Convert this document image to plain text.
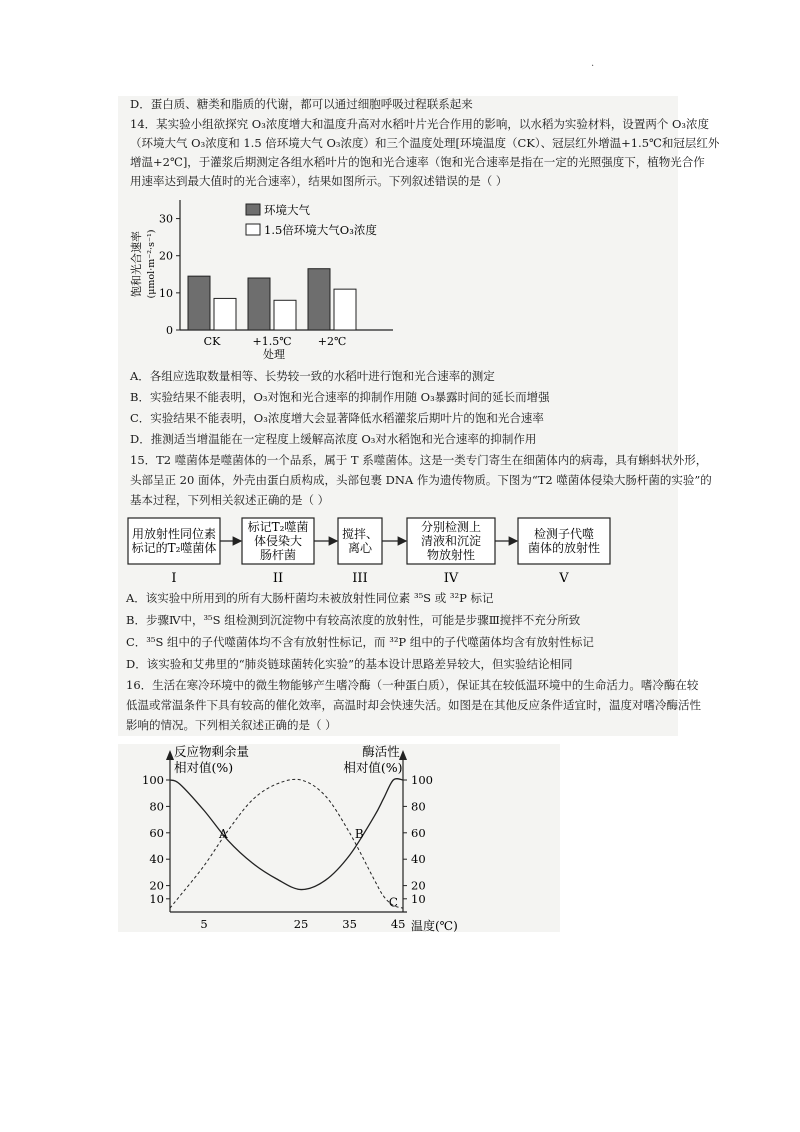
.
D．蛋白质、糖类和脂质的代谢，都可以通过细胞呼吸过程联系起来
14．某实验小组欲探究 O₃浓度增大和温度升高对水稻叶片光合作用的影响，以水稻为实验材料，设置两个 O₃浓度
（环境大气 O₃浓度和 1.5 倍环境大气 O₃浓度）和三个温度处理[环境温度（CK）、冠层红外增温+1.5℃和冠层红外
增温+2℃]，于灌浆后期测定各组水稻叶片的饱和光合速率（饱和光合速率是指在一定的光照强度下，植物光合作
用速率达到最大值时的光合速率），结果如图所示。下列叙述错误的是（ ）
0
10
20
30
饱和光合速率 (μmol·m⁻²·s⁻¹)
处理
CK	+1.5℃ +2℃
环境大气
1.5倍环境大气O₃浓度
A．各组应选取数量相等、长势较一致的水稻叶进行饱和光合速率的测定
B．实验结果不能表明，O₃对饱和光合速率的抑制作用随 O₃暴露时间的延长而增强
C．实验结果不能表明，O₃浓度增大会显著降低水稻灌浆后期叶片的饱和光合速率
D．推测适当增温能在一定程度上缓解高浓度 O₃对水稻饱和光合速率的抑制作用
15．T2 噬菌体是噬菌体的一个品系，属于 T 系噬菌体。这是一类专门寄生在细菌体内的病毒，具有蝌蚪状外形，
头部呈正 20 面体，外壳由蛋白质构成，头部包裹 DNA 作为遗传物质。下图为“T2 噬菌体侵染大肠杆菌的实验”的
基本过程，下列相关叙述正确的是（ ）
用放射性同位素
标记的T₂噬菌体
I
标记T₂噬菌
体侵染大
肠杆菌
II
搅拌、
离心
III
分别检测上
清液和沉淀
物放射性
IV
检测子代噬
菌体的放射性
V
A．该实验中所用到的所有大肠杆菌均未被放射性同位素 ³⁵S 或 ³²P 标记
B．步骤Ⅳ中，³⁵S 组检测到沉淀物中有较高浓度的放射性，可能是步骤Ⅲ搅拌不充分所致
C．³⁵S 组中的子代噬菌体均不含有放射性标记，而 ³²P 组中的子代噬菌体均含有放射性标记
D．该实验和艾弗里的“肺炎链球菌转化实验”的基本设计思路差异较大，但实验结论相同
16．生活在寒冷环境中的微生物能够产生嗜冷酶（一种蛋白质），保证其在较低温环境中的生命活力。嗜冷酶在较
低温或常温条件下具有较高的催化效率，高温时却会快速失活。如图是在其他反应条件适宜时，温度对嗜冷酶活性
影响的情况。下列相关叙述正确的是（ ）
反应物剩余量
相对值(%)
酶活性
相对值(%)
10
20
40
60
80
100
10
20
40
60
80
100
5	25	35	45 温度(℃)
A	B
C
